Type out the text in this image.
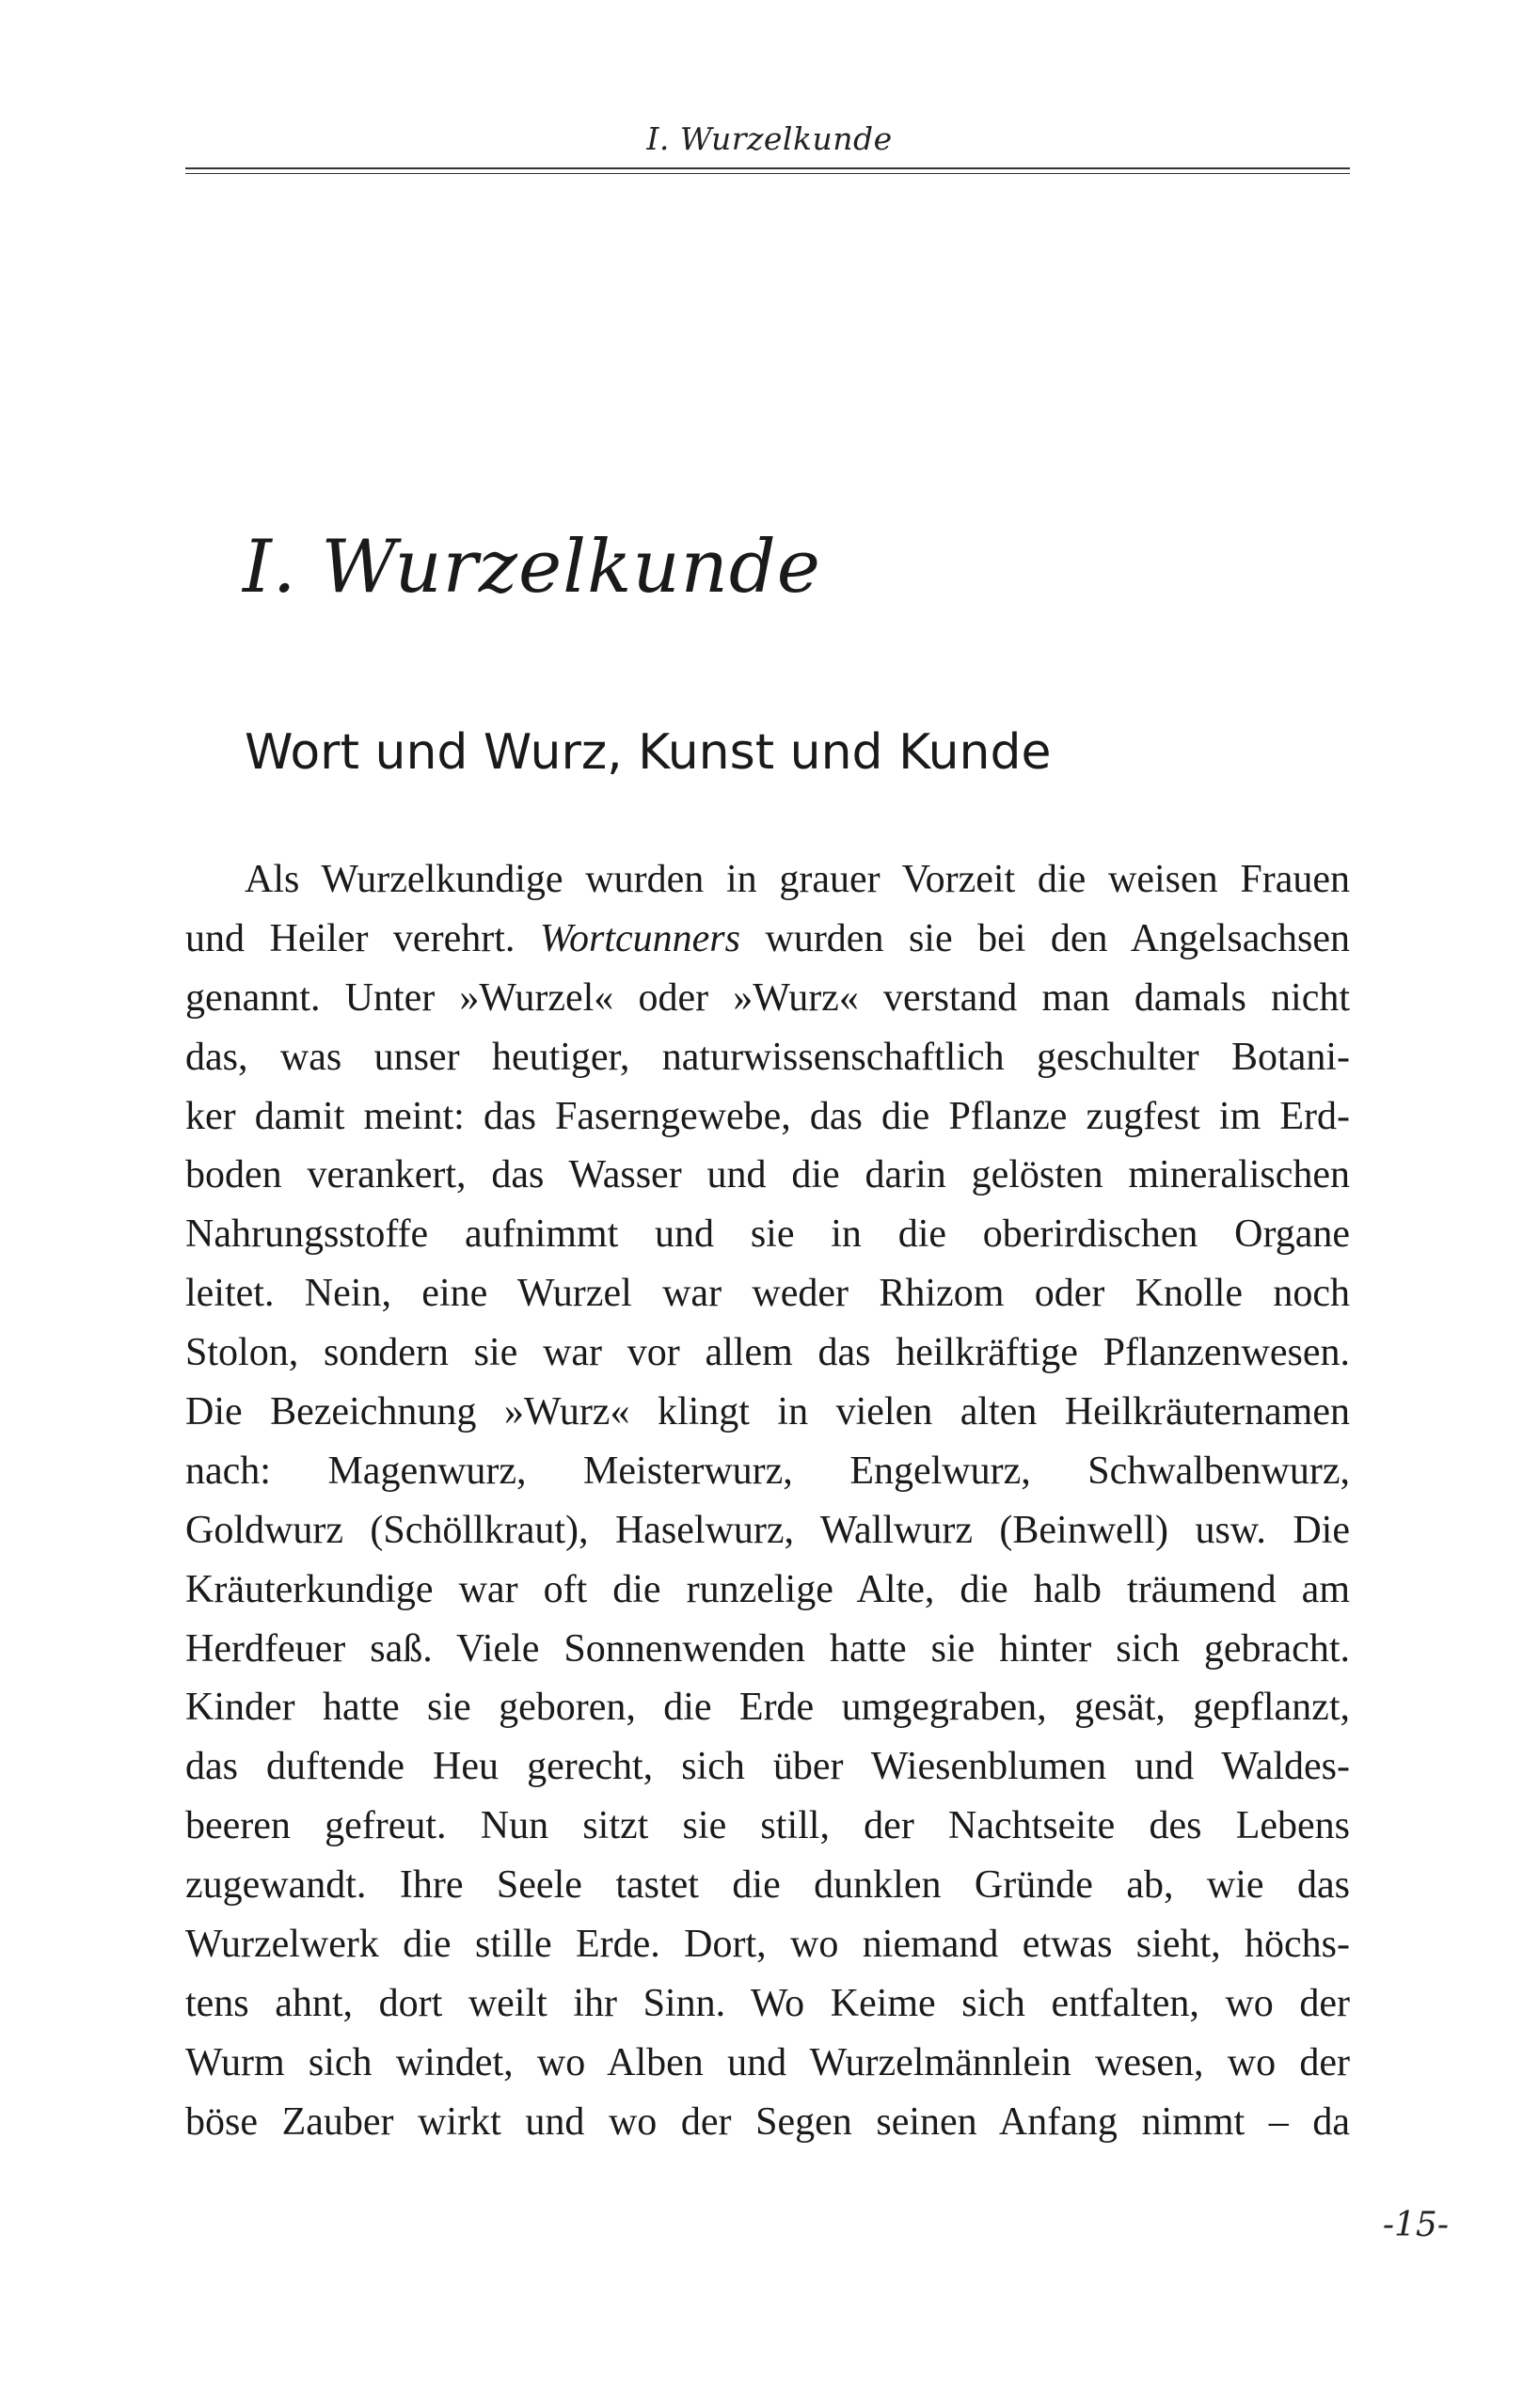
I. Wurzelkunde
I. Wurzelkunde
Wort und Wurz, Kunst und Kunde
Als Wurzelkundige wurden in grauer Vorzeit die weisen Frauen
und Heiler verehrt. Wortcunners wurden sie bei den Angelsachsen
genannt. Unter »Wurzel« oder »Wurz« verstand man damals nicht
das, was unser heutiger, naturwissenschaftlich geschulter Botani-
ker damit meint: das Faserngewebe, das die Pflanze zugfest im Erd-
boden verankert, das Wasser und die darin gelösten mineralischen
Nahrungsstoffe aufnimmt und sie in die oberirdischen Organe
leitet. Nein, eine Wurzel war weder Rhizom oder Knolle noch
Stolon, sondern sie war vor allem das heilkräftige Pflanzenwesen.
Die Bezeichnung »Wurz« klingt in vielen alten Heilkräuternamen
nach: Magenwurz, Meisterwurz, Engelwurz, Schwalbenwurz,
Goldwurz (Schöllkraut), Haselwurz, Wallwurz (Beinwell) usw. Die
Kräuterkundige war oft die runzelige Alte, die halb träumend am
Herdfeuer saß. Viele Sonnenwenden hatte sie hinter sich gebracht.
Kinder hatte sie geboren, die Erde umgegraben, gesät, gepflanzt,
das duftende Heu gerecht, sich über Wiesenblumen und Waldes-
beeren gefreut. Nun sitzt sie still, der Nachtseite des Lebens
zugewandt. Ihre Seele tastet die dunklen Gründe ab, wie das
Wurzelwerk die stille Erde. Dort, wo niemand etwas sieht, höchs-
tens ahnt, dort weilt ihr Sinn. Wo Keime sich entfalten, wo der
Wurm sich windet, wo Alben und Wurzelmännlein wesen, wo der
böse Zauber wirkt und wo der Segen seinen Anfang nimmt – da
-15-
